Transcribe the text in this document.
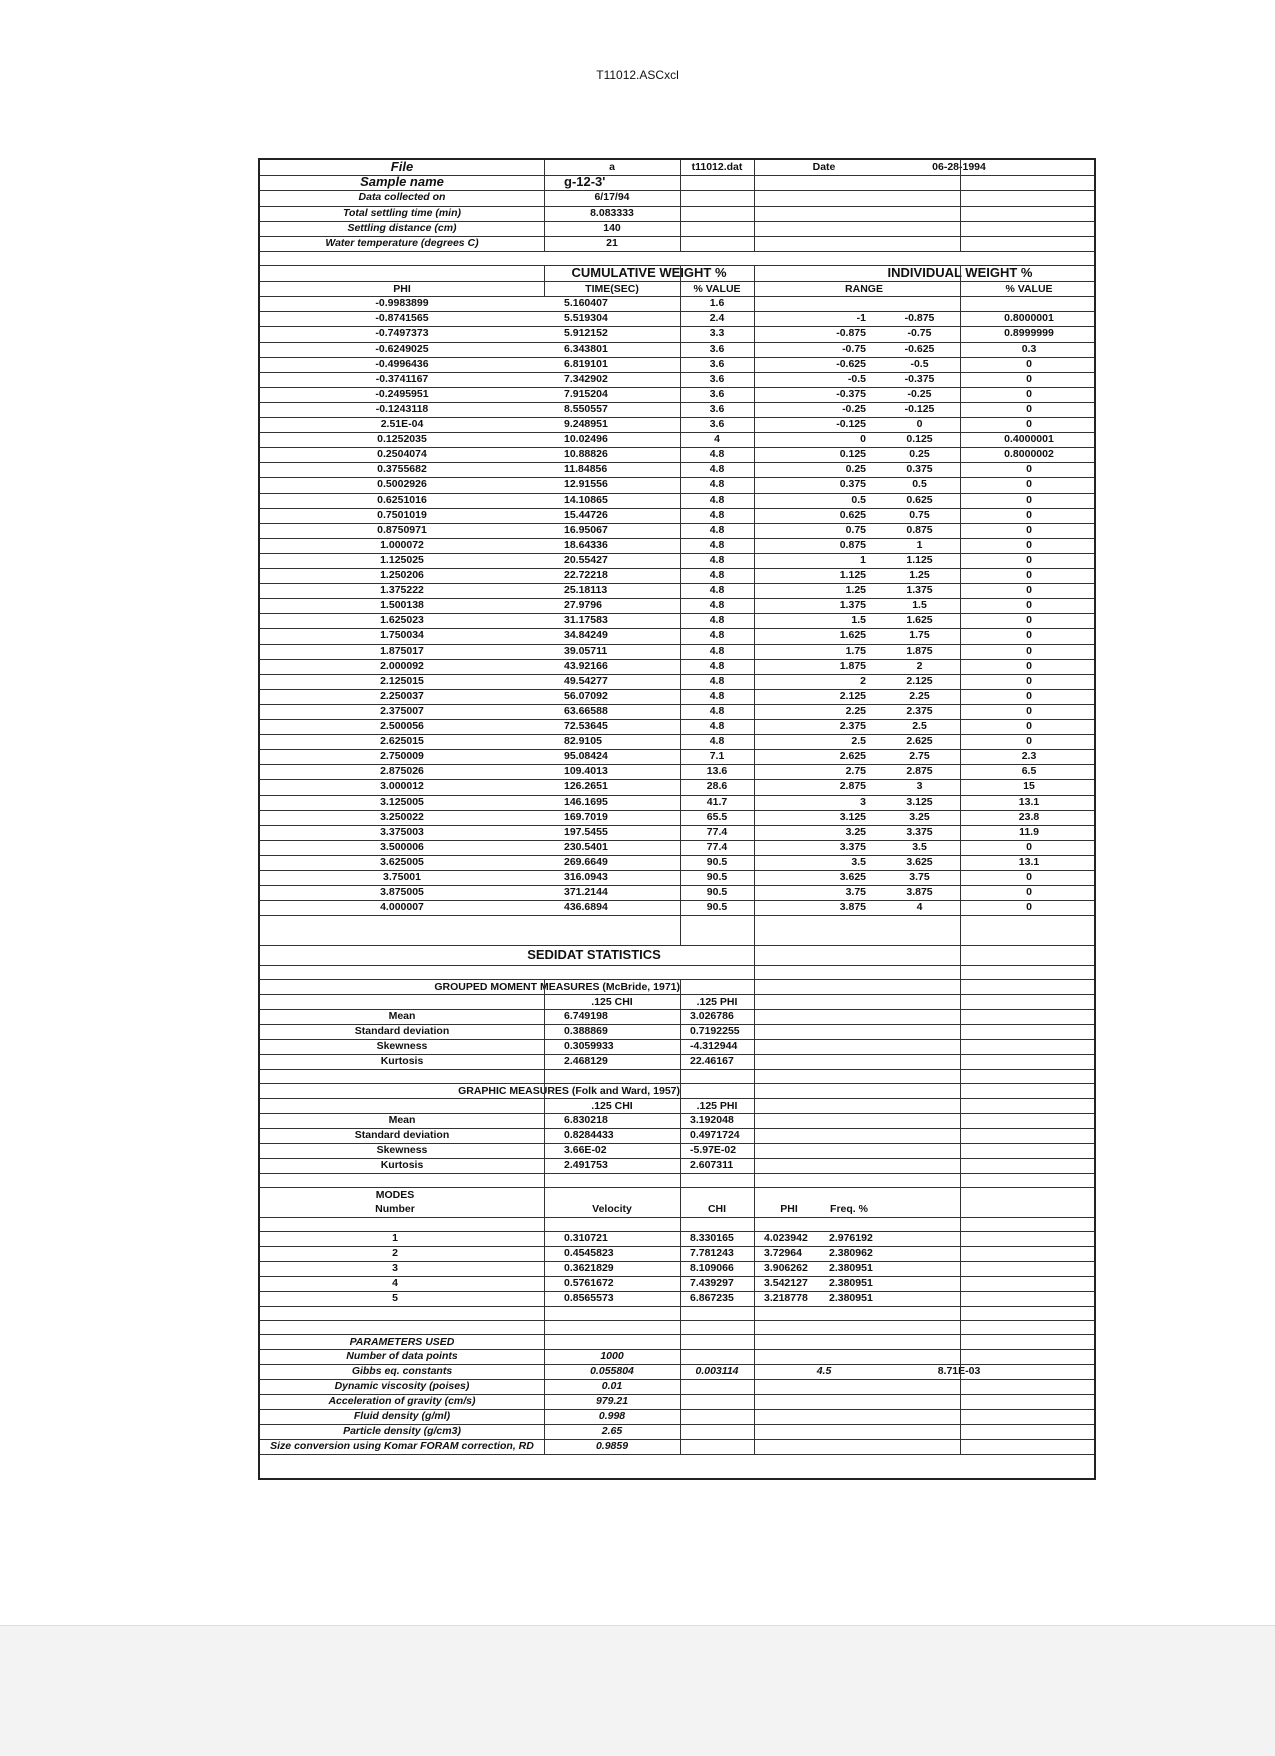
T11012.ASCxcl
File	a	t11012.dat	Date	06-28-1994
Sample name	g-12-3'
Data collected on	6/17/94
Total settling time (min)	8.083333
Settling distance (cm)	140
Water temperature (degrees C)	21
CUMULATIVE WEIGHT %	INDIVIDUAL WEIGHT %
PHI	TIME(SEC)	% VALUE	RANGE	% VALUE
-0.9983899	5.160407	1.6
-0.8741565	5.519304	2.4	-1	-0.875	0.8000001
-0.7497373	5.912152	3.3	-0.875	-0.75	0.8999999
-0.6249025	6.343801	3.6	-0.75	-0.625	0.3
-0.4996436	6.819101	3.6	-0.625	-0.5	0
-0.3741167	7.342902	3.6	-0.5	-0.375	0
-0.2495951	7.915204	3.6	-0.375	-0.25	0
-0.1243118	8.550557	3.6	-0.25	-0.125	0
2.51E-04	9.248951	3.6	-0.125	0	0
0.1252035	10.02496	4	0	0.125	0.4000001
0.2504074	10.88826	4.8	0.125	0.25	0.8000002
0.3755682	11.84856	4.8	0.25	0.375	0
0.5002926	12.91556	4.8	0.375	0.5	0
0.6251016	14.10865	4.8	0.5	0.625	0
0.7501019	15.44726	4.8	0.625	0.75	0
0.8750971	16.95067	4.8	0.75	0.875	0
1.000072	18.64336	4.8	0.875	1	0
1.125025	20.55427	4.8	1	1.125	0
1.250206	22.72218	4.8	1.125	1.25	0
1.375222	25.18113	4.8	1.25	1.375	0
1.500138	27.9796	4.8	1.375	1.5	0
1.625023	31.17583	4.8	1.5	1.625	0
1.750034	34.84249	4.8	1.625	1.75	0
1.875017	39.05711	4.8	1.75	1.875	0
2.000092	43.92166	4.8	1.875	2	0
2.125015	49.54277	4.8	2	2.125	0
2.250037	56.07092	4.8	2.125	2.25	0
2.375007	63.66588	4.8	2.25	2.375	0
2.500056	72.53645	4.8	2.375	2.5	0
2.625015	82.9105	4.8	2.5	2.625	0
2.750009	95.08424	7.1	2.625	2.75	2.3
2.875026	109.4013	13.6	2.75	2.875	6.5
3.000012	126.2651	28.6	2.875	3	15
3.125005	146.1695	41.7	3	3.125	13.1
3.250022	169.7019	65.5	3.125	3.25	23.8
3.375003	197.5455	77.4	3.25	3.375	11.9
3.500006	230.5401	77.4	3.375	3.5	0
3.625005	269.6649	90.5	3.5	3.625	13.1
3.75001	316.0943	90.5	3.625	3.75	0
3.875005	371.2144	90.5	3.75	3.875	0
4.000007	436.6894	90.5	3.875	4	0
SEDIDAT STATISTICS
GROUPED MOMENT MEASURES (McBride, 1971)
.125 CHI	.125 PHI
Mean	6.749198	3.026786
Standard deviation	0.388869	0.7192255
Skewness	0.3059933	-4.312944
Kurtosis	2.468129	22.46167
GRAPHIC MEASURES (Folk and Ward, 1957)
.125 CHI	.125 PHI
Mean	6.830218	3.192048
Standard deviation	0.8284433	0.4971724
Skewness	3.66E-02	-5.97E-02
Kurtosis	2.491753	2.607311
MODES
Number	Velocity	CHI	PHI	Freq. %
1	0.310721	8.330165	4.023942	2.976192
2	0.4545823	7.781243	3.72964	2.380962
3	0.3621829	8.109066	3.906262	2.380951
4	0.5761672	7.439297	3.542127	2.380951
5	0.8565573	6.867235	3.218778	2.380951
PARAMETERS USED
Number of data points	1000
Gibbs eq. constants	0.055804	0.003114	4.5	8.71E-03
Dynamic viscosity (poises)	0.01
Acceleration of gravity (cm/s)	979.21
Fluid density (g/ml)	0.998
Particle density (g/cm3)	2.65
Size conversion using Komar FORAM correction, RD	0.9859
